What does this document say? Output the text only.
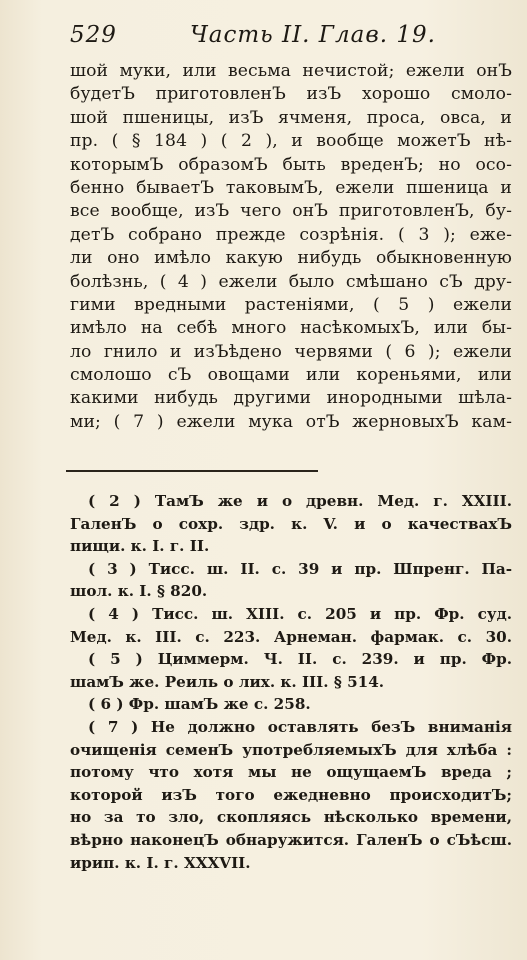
529	Часть II. Глав. 19.
шой муки, или весьма нечистой; ежели онЪ
будетЪ приготовленЪ изЪ хорошо смоло-
шой пшеницы, изЪ ячменя, проса, овса, и
пр. ( § 184 ) ( 2 ), и вообще можетЪ нѣ-
которымЪ образомЪ быть вреденЪ; но осо-
бенно бываетЪ таковымЪ, ежели пшеница и
все вообще, изЪ чего онЪ приготовленЪ, бу-
детЪ собрано прежде созрѣнія. ( 3 ); еже-
ли оно имѣло какую нибудь обыкновенную
болѣзнь, ( 4 ) ежели было смѣшано сЪ дру-
гими вредными растеніями, ( 5 ) ежели
имѣло на себѣ много насѣкомыхЪ, или бы-
ло гнило и изЪѣдено червями ( 6 ); ежели
смолошо сЪ овощами или кореньями, или
какими нибудь другими инородными шѣла-
ми; ( 7 ) ежели мука отЪ жерновыхЪ кам-
( 2 ) ТамЪ же и о древн. Мед. г. XXIII.
ГаленЪ о сохр. здр. к. V. и о качествахЪ
пищи. к. I. г. II.
( 3 ) Тисс. ш. II. с. 39 и пр. Шпренг. Па-
шол. к. I. § 820.
( 4 ) Тисс. ш. XIII. с. 205 и пр. Фр. суд.
Мед. к. III. с. 223. Арнеман. фармак. с. 30.
( 5 ) Циммерм. Ч. II. с. 239. и пр. Фр.
шамЪ же. Реиль о лих. к. III. § 514.
( 6 ) Фр. шамЪ же с. 258.
( 7 ) Не должно оставлять безЪ вниманія
очищенія семенЪ употребляемыхЪ для хлѣба :
потому что хотя мы не ощущаемЪ вреда ;
которой изЪ того ежедневно происходитЪ;
но за то зло, скопляясь нѣсколько времени,
вѣрно наконецЪ обнаружится. ГаленЪ о сЪѣсш.
ирип. к. I. г. XXXVII.
